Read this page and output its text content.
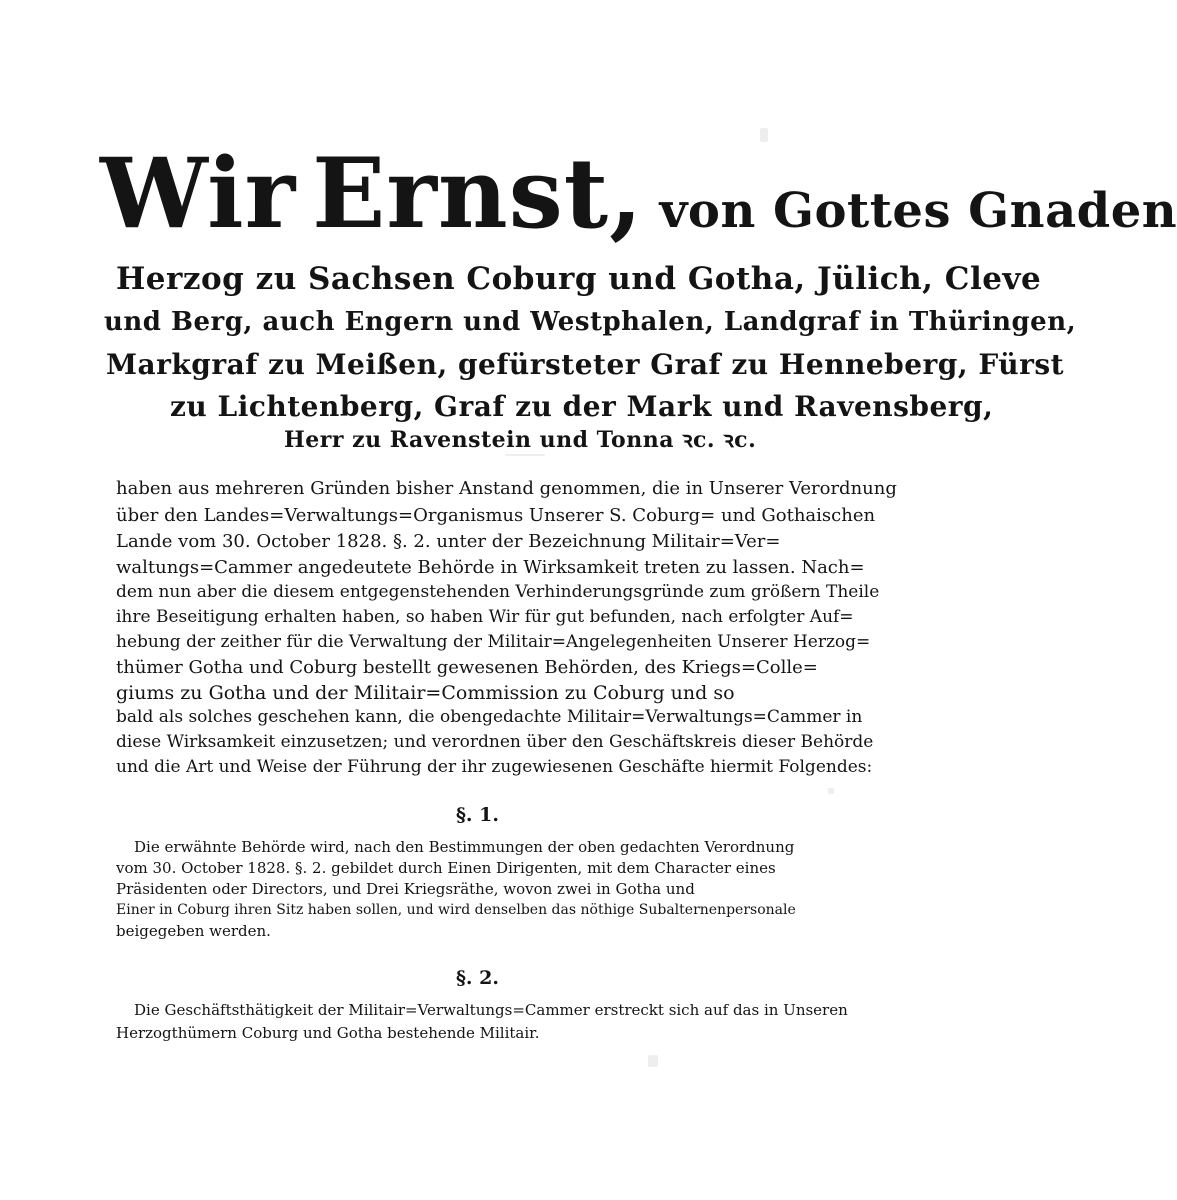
Wir Ernst, von Gottes Gnaden
Herzog zu Sachsen Coburg und Gotha, Jülich, Cleve
und Berg, auch Engern und Westphalen, Landgraf in Thüringen,
Markgraf zu Meißen, gefürsteter Graf zu Henneberg, Fürst
zu Lichtenberg, Graf zu der Mark und Ravensberg,
Herr zu Ravenstein und Tonna ꝛc. ꝛc.
haben aus mehreren Gründen bisher Anstand genommen, die in Unserer Verordnung
über den Landes=Verwaltungs=Organismus Unserer S. Coburg= und Gothaischen
Lande vom 30. October 1828. §. 2. unter der Bezeichnung Militair=Ver=
waltungs=Cammer angedeutete Behörde in Wirksamkeit treten zu lassen. Nach=
dem nun aber die diesem entgegenstehenden Verhinderungsgründe zum größern Theile
ihre Beseitigung erhalten haben, so haben Wir für gut befunden, nach erfolgter Auf=
hebung der zeither für die Verwaltung der Militair=Angelegenheiten Unserer Herzog=
thümer Gotha und Coburg bestellt gewesenen Behörden, des Kriegs=Colle=
giums zu Gotha und der Militair=Commission zu Coburg und so
bald als solches geschehen kann, die obengedachte Militair=Verwaltungs=Cammer in
diese Wirksamkeit einzusetzen; und verordnen über den Geschäftskreis dieser Behörde
und die Art und Weise der Führung der ihr zugewiesenen Geschäfte hiermit Folgendes:
§. 1.
Die erwähnte Behörde wird, nach den Bestimmungen der oben gedachten Verordnung
vom 30. October 1828. §. 2. gebildet durch Einen Dirigenten, mit dem Character eines
Präsidenten oder Directors, und Drei Kriegsräthe, wovon zwei in Gotha und
Einer in Coburg ihren Sitz haben sollen, und wird denselben das nöthige Subalternenpersonale
beigegeben werden.
§. 2.
Die Geschäftsthätigkeit der Militair=Verwaltungs=Cammer erstreckt sich auf das in Unseren
Herzogthümern Coburg und Gotha bestehende Militair.
